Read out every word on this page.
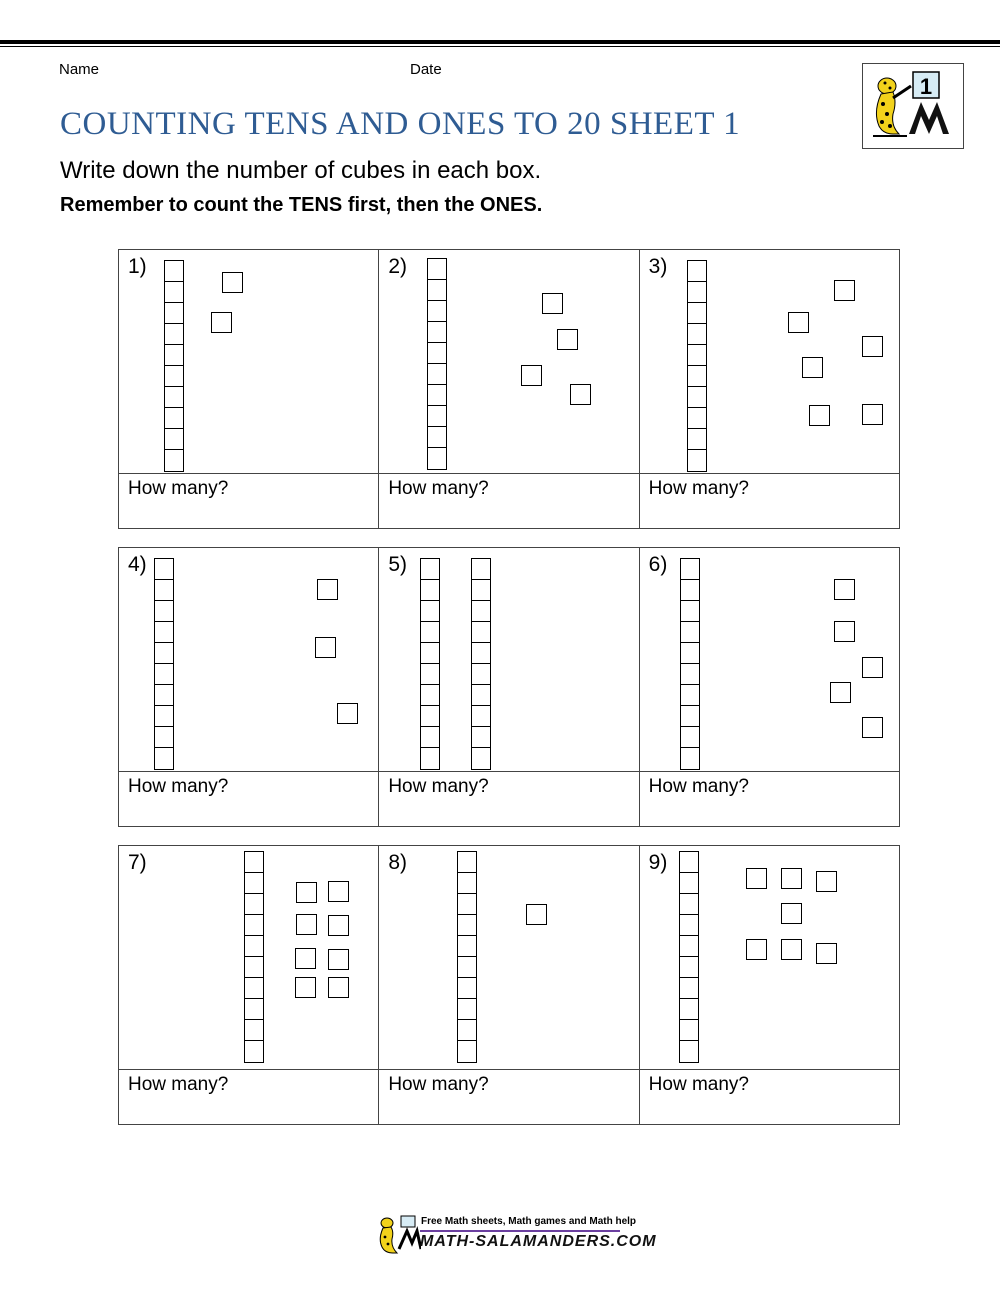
Name	Date
1
COUNTING TENS AND ONES TO 20 SHEET 1
Write down the number of cubes in each box.
Remember to count the TENS first, then the ONES.
1)
How many?
2)
How many?
3)
How many?
4)
How many?
5)
How many?
6)
How many?
7)
How many?
8)
How many?
9)
How many?
Free Math sheets, Math games and Math help
MATH-SALAMANDERS.COM
